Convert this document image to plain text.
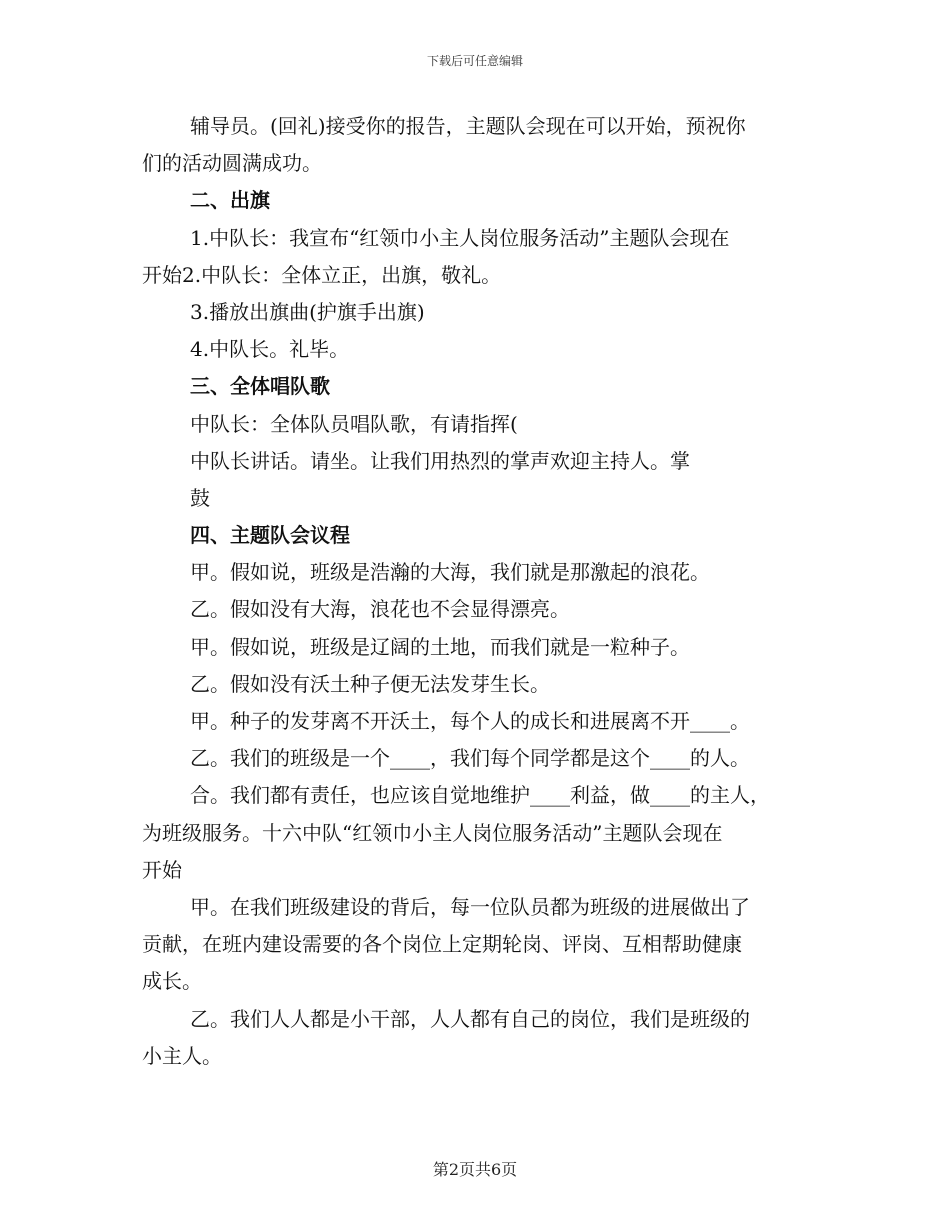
下载后可任意编辑
辅导员。(回礼)接受你的报告，主题队会现在可以开始，预祝你
们的活动圆满成功。
二、出旗
1.中队长：我宣布“红领巾小主人岗位服务活动”主题队会现在
开始2.中队长：全体立正，出旗，敬礼。
3.播放出旗曲(护旗手出旗)
4.中队长。礼毕。
三、全体唱队歌
中队长：全体队员唱队歌，有请指挥(
中队长讲话。请坐。让我们用热烈的掌声欢迎主持人。掌
鼓
四、主题队会议程
甲。假如说，班级是浩瀚的大海，我们就是那激起的浪花。
乙。假如没有大海，浪花也不会显得漂亮。
甲。假如说，班级是辽阔的土地，而我们就是一粒种子。
乙。假如没有沃土种子便无法发芽生长。
甲。种子的发芽离不开沃土，每个人的成长和进展离不开____。
乙。我们的班级是一个____，我们每个同学都是这个____的人。
合。我们都有责任，也应该自觉地维护____利益，做____的主人，
为班级服务。十六中队“红领巾小主人岗位服务活动”主题队会现在
开始
甲。在我们班级建设的背后，每一位队员都为班级的进展做出了
贡献，在班内建设需要的各个岗位上定期轮岗、评岗、互相帮助健康
成长。
乙。我们人人都是小干部，人人都有自己的岗位，我们是班级的
小主人。
第2页共6页
